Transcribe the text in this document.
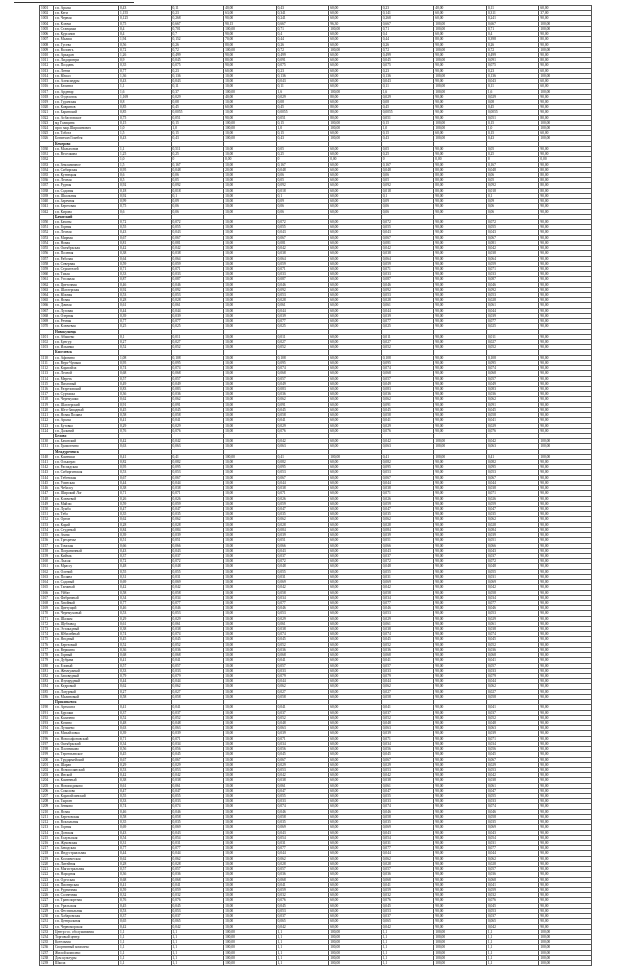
1001	г.п. Аралы	0,43	0,11	40,00	0,43	60,00	0,23	40,00	0,11	60,00
1002	г.п. Кеги	1,155	0,23	63,00	0,341	60,00	0,141	60,00	0,311	37,00
1003	г.п. Черная	0,125	0,268	90,00	0,241	60,00	0,268	60,00	0,241	90,00
1004	г.п. Ключи	0,75	0,667	90,15	0,667	96,30	0,667	100,00	0,667	100,00
1005	г.п. Станциям	0,4	0,701	100,00	0,71	100,00	0,71	100,00	0,71	100,00
1006	г.п. Курсанов	0,4	0,7	90,00	0,4	60,00	0,4	60,00	0,4	90,00
1007	г.п. Малиш	1,94	0,152	70,00	0,44	60,00	0,44	80,00	0,398	80,00
1008	г.п. Гусева	0,56	0,26	80,00	0,26	60,00	0,26	90,00	0,26	90,00
1009	г.п. Волонгь	0,72	0,72	100,00	0,72	100,00	0,72	100,00	0,72	100,00
1010	г.п. Аркадан	1,26	0,499	90,00	0,499	60,00	0,499	90,00	0,499	90,00
1011	г.п. Лидоровтри	0,9	0,045	80,00	0,091	60,00	0,045	100,00	0,091	80,00
1012	г.п. Полдань	0,35	0,075	90,00	0,075	60,00	0,075	90,00	0,075	90,00
1013	г.п. Ленти	0,77	0,23	60,00	0,23	60,00	0,23	90,00	0,23	60,00
1014	г.п. Юшал	1,36	0,136	10,00	0,136	60,00	0,136	100,00	0,136	100,00
1015	г.п. Александры	0,43	0,043	10,00	0,043	60,00	0,043	90,00	0,043	60,00
1016	г.п. Белинга	1,1	0,11	10,00	0,11	60,00	0,11	100,00	0,11	60,00
1017	г.п. Ардевар	1,6	0,37	100,00	1,6	100,00	1,6	100,00	1,6	100,00
1018	г.п. Отделоток	1,169	0,029	40,00	0,029	80,00	0,029	90,00	0,029	90,00
1019	г.п. Гуданская	0,8	0,08	10,00	0,08	60,00	0,08	90,00	0,08	90,00
1020	г.п. Ковринов	0,85	0,45	60,00	0,45	80,00	0,45	90,00	0,45	90,00
1021	г.п. Баринский	0,85	0,0055	10,00	0,0055	80,00	0,0055	90,00	0,0055	90,00
1022	г.п. Асбастовское	0,75	0,051	90,00	0,051	80,00	0,051	90,00	0,051	80,00
1023	мд Голицина	0,15	0,15	100,00	0,15	100,00	0,15	100,00	0,15	100,00
1024	прос мкр.Ширшинович	1,0	1,0	100,00	1,0	100,00	1,0	100,00	1,0	100,00
1025	г.п. Тобота	1,5	0,15	10,00	0,15	60,00	0,15	60,00	0,15	60,00
1026	Ботинчан Гоанбея	0,43	0,43	100,00	0,43	100,00	0,43	100,00	0,43	100,00
	Кемерово									
1030	г.п. Молыгонов	1,1	0,511	10,00	0,05	60,00	0,05	90,00	0,05	90,00
1031	г.п. Веселкина	1,25	0,25	10,00	0,25	60,00	0,25	90,00	0,25	90,00
1032		1,0	0	0,00	0	0,00	0	0,00	0	0,00
1033	г.п. Земляничное	1,5	0,167	10,00	0,167	60,00	0,167	90,00	0,167	90,00
1034	г.п. Сибирская	0,95	0,048	20,00	0,048	60,00	0,048	80,00	0,048	80,00
1035	г.п. Кузнецкая	0,6	0,06	10,00	0,06	60,00	0,06	80,00	0,06	80,00
1036	г.п. Лесная	0,5	0,05	10,00	0,05	60,00	0,05	80,00	0,05	80,00
1037	г.п. Рудная	0,92	0,092	10,00	0,092	60,00	0,092	80,00	0,092	80,00
1038	г.п. Садовая	0,18	0,018	10,00	0,018	60,00	0,018	80,00	0,018	80,00
1039	г.п. Школьная	0,92	0,1	10,00	0,1	60,00	0,1	90,00	0,1	90,00
1040	г.п. Заречная	0,99	0,09	10,00	0,09	60,00	0,09	90,00	0,09	90,00
1041	г.п. Береговая	0,75	0,06	10,00	0,06	60,00	0,06	90,00	0,06	90,00
1042	г.п. Кирова	0,6	0,06	10,00	0,06	60,00	0,06	90,00	0,06	90,00
	Бачатский									
1050	г.п. Бачаты	0,72	0,072	10,00	0,072	60,00	0,072	90,00	0,072	90,00
1051	г.п. Горная	0,55	0,055	10,00	0,055	60,00	0,055	90,00	0,055	90,00
1052	г.п. Лесная	0,43	0,043	10,00	0,043	60,00	0,043	90,00	0,043	90,00
1053	г.п. Мирная	0,67	0,067	10,00	0,067	60,00	0,067	90,00	0,067	90,00
1054	г.п. Новая	0,81	0,081	10,00	0,081	60,00	0,081	90,00	0,081	90,00
1055	г.п. Октябрьская	0,42	0,042	10,00	0,042	60,00	0,042	90,00	0,042	90,00
1056	г.п. Полевая	0,38	0,038	10,00	0,038	60,00	0,038	90,00	0,038	90,00
1057	г.п. Рабочая	0,64	0,064	10,00	0,064	60,00	0,064	90,00	0,064	90,00
1058	г.п. Северная	0,59	0,059	10,00	0,059	60,00	0,059	90,00	0,059	90,00
1059	г.п. Строителей	0,71	0,071	10,00	0,071	60,00	0,071	90,00	0,071	90,00
1060	г.п. Тихая	0,33	0,033	10,00	0,033	60,00	0,033	90,00	0,033	90,00
1061	г.п. Угольная	0,87	0,087	10,00	0,087	60,00	0,087	90,00	0,087	90,00
1062	г.п. Цветочная	0,46	0,046	10,00	0,046	60,00	0,046	90,00	0,046	90,00
1063	г.п. Шахтерская	0,92	0,092	10,00	0,092	60,00	0,092	90,00	0,092	90,00
1064	г.п. Южная	0,53	0,053	10,00	0,053	60,00	0,053	90,00	0,053	90,00
1065	г.п. Ясная	0,28	0,028	10,00	0,028	60,00	0,028	90,00	0,028	90,00
1066	г.п. Дачная	0,61	0,061	10,00	0,061	60,00	0,061	90,00	0,061	90,00
1067	г.п. Луговая	0,44	0,044	10,00	0,044	60,00	0,044	90,00	0,044	90,00
1068	г.п. Озерная	0,39	0,039	10,00	0,039	60,00	0,039	90,00	0,039	90,00
1069	г.п. Речная	0,77	0,077	10,00	0,077	60,00	0,077	90,00	0,077	90,00
1070	г.п. Ключевая	0,25	0,025	10,00	0,025	60,00	0,025	90,00	0,025	90,00
	Новокузнецк									
1101	г.п. Абашево	0,1	0,011	10,00	0,011	60,00	0,011	90,00	0,011	90,00
1102	г.п. Бунгур	0,27	0,027	10,00	0,027	60,00	0,027	90,00	0,027	90,00
1103	г.п. Ильинка	0,52	0,052	10,00	0,052	60,00	0,052	90,00	0,052	90,00
	Киселевск									
1110	г.п. Афонино	1,08	0,108	10,00	0,108	60,00	0,108	90,00	0,108	90,00
1111	г.п. Верх-Чумыш	0,95	0,095	10,00	0,095	60,00	0,095	90,00	0,095	90,00
1112	г.п. Карагайла	0,74	0,074	10,00	0,074	60,00	0,074	90,00	0,074	90,00
1113	г.п. Лесной	0,68	0,068	10,00	0,068	60,00	0,068	90,00	0,068	90,00
1114	г.п. Мереть	0,57	0,057	10,00	0,057	60,00	0,057	90,00	0,057	90,00
1115	г.п. Пихтовый	0,49	0,049	10,00	0,049	60,00	0,049	90,00	0,049	90,00
1116	г.п. Разрезовский	0,83	0,083	10,00	0,083	60,00	0,083	90,00	0,083	90,00
1117	г.п. Суртаиха	0,36	0,036	10,00	0,036	60,00	0,036	90,00	0,036	90,00
1118	г.п. Черемушки	0,62	0,062	10,00	0,062	60,00	0,062	90,00	0,062	90,00
1119	г.п. Шахтерский	0,91	0,091	10,00	0,091	60,00	0,091	90,00	0,091	90,00
1120	г.п. Юго-Западный	0,45	0,045	10,00	0,045	60,00	0,045	90,00	0,045	90,00
1121	г.п. Ясная Поляна	0,58	0,058	10,00	0,058	60,00	0,058	90,00	0,058	90,00
1122	г.п. Аралы	0,41	0,041	10,00	0,041	60,00	0,041	90,00	0,041	90,00
1123	г.п. Бутовка	0,29	0,029	10,00	0,029	60,00	0,029	90,00	0,029	90,00
1124	г.п. Дальний	0,76	0,076	10,00	0,076	60,00	0,076	90,00	0,076	90,00
	Белово									
1130	г.п. Бачатский	0,42	0,042	10,00	0,042	60,00	0,042	100,00	0,042	100,00
1131	г.п. Грамотеино	0,63	0,063	10,00	0,063	60,00	0,063	100,00	0,063	100,00
	Междуреченск									
1140	г.п. Камешки	0,41	0,41	100,00	0,41	100,00	0,41	100,00	0,41	100,00
1141	г.п. Ольжерас	0,82	0,082	10,00	0,082	60,00	0,082	90,00	0,082	90,00
1142	г.п. Распадская	0,95	0,095	10,00	0,095	60,00	0,095	90,00	0,095	90,00
1143	г.п. Сибиргинская	0,53	0,053	10,00	0,053	60,00	0,053	90,00	0,053	90,00
1144	г.п. Тебенская	0,67	0,067	10,00	0,067	60,00	0,067	90,00	0,067	90,00
1145	г.п. Усинская	0,44	0,044	10,00	0,044	60,00	0,044	90,00	0,044	90,00
1146	г.п. Чебалсу	0,38	0,038	10,00	0,038	60,00	0,038	90,00	0,038	90,00
1147	г.п. Широкий Лог	0,71	0,071	10,00	0,071	60,00	0,071	90,00	0,071	90,00
1148	г.п. Ключевой	0,26	0,026	10,00	0,026	60,00	0,026	90,00	0,026	90,00
1149	г.п. Майзас	0,59	0,059	10,00	0,059	60,00	0,059	90,00	0,059	90,00
1150	г.п. Лужба	0,47	0,047	10,00	0,047	60,00	0,047	90,00	0,047	90,00
1151	г.п. Теба	0,35	0,035	10,00	0,035	60,00	0,035	90,00	0,035	90,00
1152	г.п. Ортон	0,62	0,062	10,00	0,062	60,00	0,062	90,00	0,062	90,00
1153	г.п. Карай	0,28	0,028	10,00	0,028	60,00	0,028	90,00	0,028	90,00
1154	г.п. Студеный	0,84	0,084	10,00	0,084	60,00	0,084	90,00	0,084	90,00
1155	г.п. Амзас	0,39	0,039	10,00	0,039	60,00	0,039	90,00	0,039	90,00
1156	г.п. Трехречье	0,51	0,051	10,00	0,051	60,00	0,051	90,00	0,051	90,00
1157	г.п. Томская	0,66	0,066	10,00	0,066	60,00	0,066	90,00	0,066	90,00
1158	г.п. Пограничный	0,43	0,043	10,00	0,043	60,00	0,043	90,00	0,043	90,00
1159	г.п. Кийзак	0,37	0,037	10,00	0,037	60,00	0,037	90,00	0,037	90,00
1160	г.п. Лысая	0,72	0,072	10,00	0,072	60,00	0,072	90,00	0,072	90,00
1161	г.п. Мрассу	0,48	0,048	10,00	0,048	60,00	0,048	90,00	0,048	90,00
1162	г.п. Олений	0,55	0,055	10,00	0,055	60,00	0,055	90,00	0,055	90,00
1163	г.п. Поляна	0,31	0,031	10,00	0,031	60,00	0,031	90,00	0,031	90,00
1164	г.п. Садовый	0,69	0,069	10,00	0,069	60,00	0,069	90,00	0,069	90,00
1165	г.п. Таежный	0,42	0,042	10,00	0,042	60,00	0,042	90,00	0,042	90,00
1166	г.п. Уйбат	0,58	0,058	10,00	0,058	60,00	0,058	90,00	0,058	90,00
1167	г.п. Фабричный	0,34	0,034	10,00	0,034	60,00	0,034	90,00	0,034	90,00
1168	г.п. Хвойный	0,77	0,077	10,00	0,077	60,00	0,077	90,00	0,077	90,00
1169	г.п. Цветущий	0,46	0,046	10,00	0,046	60,00	0,046	90,00	0,046	90,00
1170	г.п. Черемуховый	0,53	0,053	10,00	0,053	60,00	0,053	90,00	0,053	90,00
1171	г.п. Шалым	0,29	0,029	10,00	0,029	60,00	0,029	90,00	0,029	90,00
1172	г.п. Щебзавод	0,61	0,061	10,00	0,061	60,00	0,061	90,00	0,061	90,00
1173	г.п. Эстакадный	0,38	0,038	10,00	0,038	60,00	0,038	90,00	0,038	90,00
1174	г.п. Юбилейный	0,74	0,074	10,00	0,074	60,00	0,074	90,00	0,074	90,00
1175	г.п. Ягодный	0,45	0,045	10,00	0,045	60,00	0,045	90,00	0,045	90,00
1176	г.п. Березовый	0,52	0,052	10,00	0,052	60,00	0,052	90,00	0,052	90,00
1177	г.п. Вершина	0,36	0,036	10,00	0,036	60,00	0,036	90,00	0,036	90,00
1178	г.п. Горный	0,68	0,068	10,00	0,068	60,00	0,068	90,00	0,068	90,00
1179	г.п. Дубрава	0,41	0,041	10,00	0,041	60,00	0,041	90,00	0,041	90,00
1180	г.п. Еловый	0,57	0,057	10,00	0,057	60,00	0,057	90,00	0,057	90,00
1181	г.п. Жемчужный	0,33	0,033	10,00	0,033	60,00	0,033	90,00	0,033	90,00
1182	г.п. Заповедный	0,79	0,079	10,00	0,079	60,00	0,079	90,00	0,079	90,00
1183	г.п. Изумрудный	0,44	0,044	10,00	0,044	60,00	0,044	90,00	0,044	90,00
1184	г.п. Кедровый	0,62	0,062	10,00	0,062	60,00	0,062	90,00	0,062	90,00
1185	г.п. Лазурный	0,27	0,027	10,00	0,027	60,00	0,027	90,00	0,027	90,00
1186	г.п. Малиновый	0,58	0,058	10,00	0,058	60,00	0,058	90,00	0,058	90,00
	Прокопьевск									
1190	г.п. Артышта	0,41	0,041	10,00	0,041	60,00	0,041	90,00	0,041	90,00
1191	г.п. Бурлаки	0,37	0,037	10,00	0,037	60,00	0,037	90,00	0,037	90,00
1192	г.п. Калачево	0,52	0,052	10,00	0,052	60,00	0,052	90,00	0,052	90,00
1193	г.п. Котино	0,48	0,048	10,00	0,048	60,00	0,048	90,00	0,048	90,00
1194	г.п. Лучшево	0,63	0,063	10,00	0,063	60,00	0,063	90,00	0,063	90,00
1195	г.п. Михайловка	0,39	0,039	10,00	0,039	60,00	0,039	90,00	0,039	90,00
1196	г.п. Новосафоновский	0,71	0,071	10,00	0,071	60,00	0,071	90,00	0,071	90,00
1197	г.п. Октябрьский	0,34	0,034	10,00	0,034	60,00	0,034	90,00	0,034	90,00
1198	г.п. Плотниково	0,56	0,056	10,00	0,056	60,00	0,056	90,00	0,056	90,00
1199	г.п. Терентьевское	0,45	0,045	10,00	0,045	60,00	0,045	90,00	0,045	90,00
1200	г.п. Трудармейский	0,67	0,067	10,00	0,067	60,00	0,067	90,00	0,067	90,00
1201	г.п. Шарап	0,29	0,029	10,00	0,029	60,00	0,029	90,00	0,029	90,00
1202	г.п. Яснополянский	0,53	0,053	10,00	0,053	60,00	0,053	90,00	0,053	90,00
1203	г.п. Инской	0,42	0,042	10,00	0,042	60,00	0,042	90,00	0,042	90,00
1204	г.п. Каменный	0,38	0,038	10,00	0,038	60,00	0,038	90,00	0,038	90,00
1205	г.п. Новоподиково	0,61	0,061	10,00	0,061	60,00	0,061	90,00	0,061	90,00
1206	г.п. Соколово	0,47	0,047	10,00	0,047	60,00	0,047	90,00	0,047	90,00
1207	г.п. Карагайлинский	0,55	0,055	10,00	0,055	60,00	0,055	90,00	0,055	90,00
1208	г.п. Тырган	0,33	0,033	10,00	0,033	60,00	0,033	90,00	0,033	90,00
1209	г.п. Зенково	0,74	0,074	10,00	0,074	60,00	0,074	90,00	0,074	90,00
1210	г.п. Ясная	0,46	0,046	10,00	0,046	60,00	0,046	90,00	0,046	90,00
1211	г.п. Березовская	0,58	0,058	10,00	0,058	60,00	0,058	90,00	0,058	90,00
1212	г.п. Вокзальная	0,35	0,035	10,00	0,035	60,00	0,035	90,00	0,035	90,00
1213	г.п. Горная	0,69	0,069	10,00	0,069	60,00	0,069	90,00	0,069	90,00
1214	г.п. Донская	0,43	0,043	10,00	0,043	60,00	0,043	90,00	0,043	90,00
1215	г.п. Есаульская	0,54	0,054	10,00	0,054	60,00	0,054	90,00	0,054	90,00
1216	г.п. Жуковская	0,31	0,031	10,00	0,031	60,00	0,031	90,00	0,031	90,00
1217	г.п. Заводская	0,77	0,077	10,00	0,077	60,00	0,077	90,00	0,077	90,00
1218	г.п. Индустриальная	0,44	0,044	10,00	0,044	60,00	0,044	90,00	0,044	90,00
1219	г.п. Космическая	0,62	0,062	10,00	0,062	60,00	0,062	90,00	0,062	90,00
1220	г.п. Литейная	0,28	0,028	10,00	0,028	60,00	0,028	90,00	0,028	90,00
1221	г.п. Магистральная	0,57	0,057	10,00	0,057	60,00	0,057	90,00	0,057	90,00
1222	г.п. Народная	0,36	0,036	10,00	0,036	60,00	0,036	90,00	0,036	90,00
1223	г.п. Одесская	0,68	0,068	10,00	0,068	60,00	0,068	90,00	0,068	90,00
1224	г.п. Пионерская	0,41	0,041	10,00	0,041	60,00	0,041	90,00	0,041	90,00
1225	г.п. Рудничная	0,59	0,059	10,00	0,059	60,00	0,059	90,00	0,059	90,00
1226	г.п. Солнечная	0,32	0,032	10,00	0,032	60,00	0,032	90,00	0,032	90,00
1227	г.п. Транспортная	0,76	0,076	10,00	0,076	60,00	0,076	90,00	0,076	90,00
1228	г.п. Уральская	0,45	0,045	10,00	0,045	60,00	0,045	90,00	0,045	90,00
1229	г.п. Фестивальная	0,53	0,053	10,00	0,053	60,00	0,053	90,00	0,053	90,00
1230	г.п. Хабаровская	0,37	0,037	10,00	0,037	60,00	0,037	90,00	0,037	90,00
1231	г.п. Центральная	0,65	0,065	10,00	0,065	60,00	0,065	90,00	0,065	90,00
1232	г.п. Черноморская	0,42	0,042	10,00	0,042	60,00	0,042	90,00	0,042	90,00
1233	Центр гос. обслуживания	1,1	1,1	100,00	1,1	100,00	1,1	100,00	1,1	100,00
1234	Торговый центр	1,1	1,1	100,00	1,1	100,00	1,1	100,00	1,1	100,00
1235	Котельная	1,1	1,1	100,00	1,1	100,00	1,1	100,00	1,1	100,00
1236	Спортивный комплекс	1,1	1,1	100,00	1,1	100,00	1,1	100,00	1,1	100,00
1237	Жилой комплекс	1,1	1,1	100,00	1,1	100,00	1,1	100,00	1,1	100,00
1238	Дом культуры	1,1	1,1	100,00	1,1	100,00	1,1	100,00	1,1	100,00
1239	Школа	1,1	1,1	100,00	1,1	100,00	1,1	100,00	1,1	100,00
